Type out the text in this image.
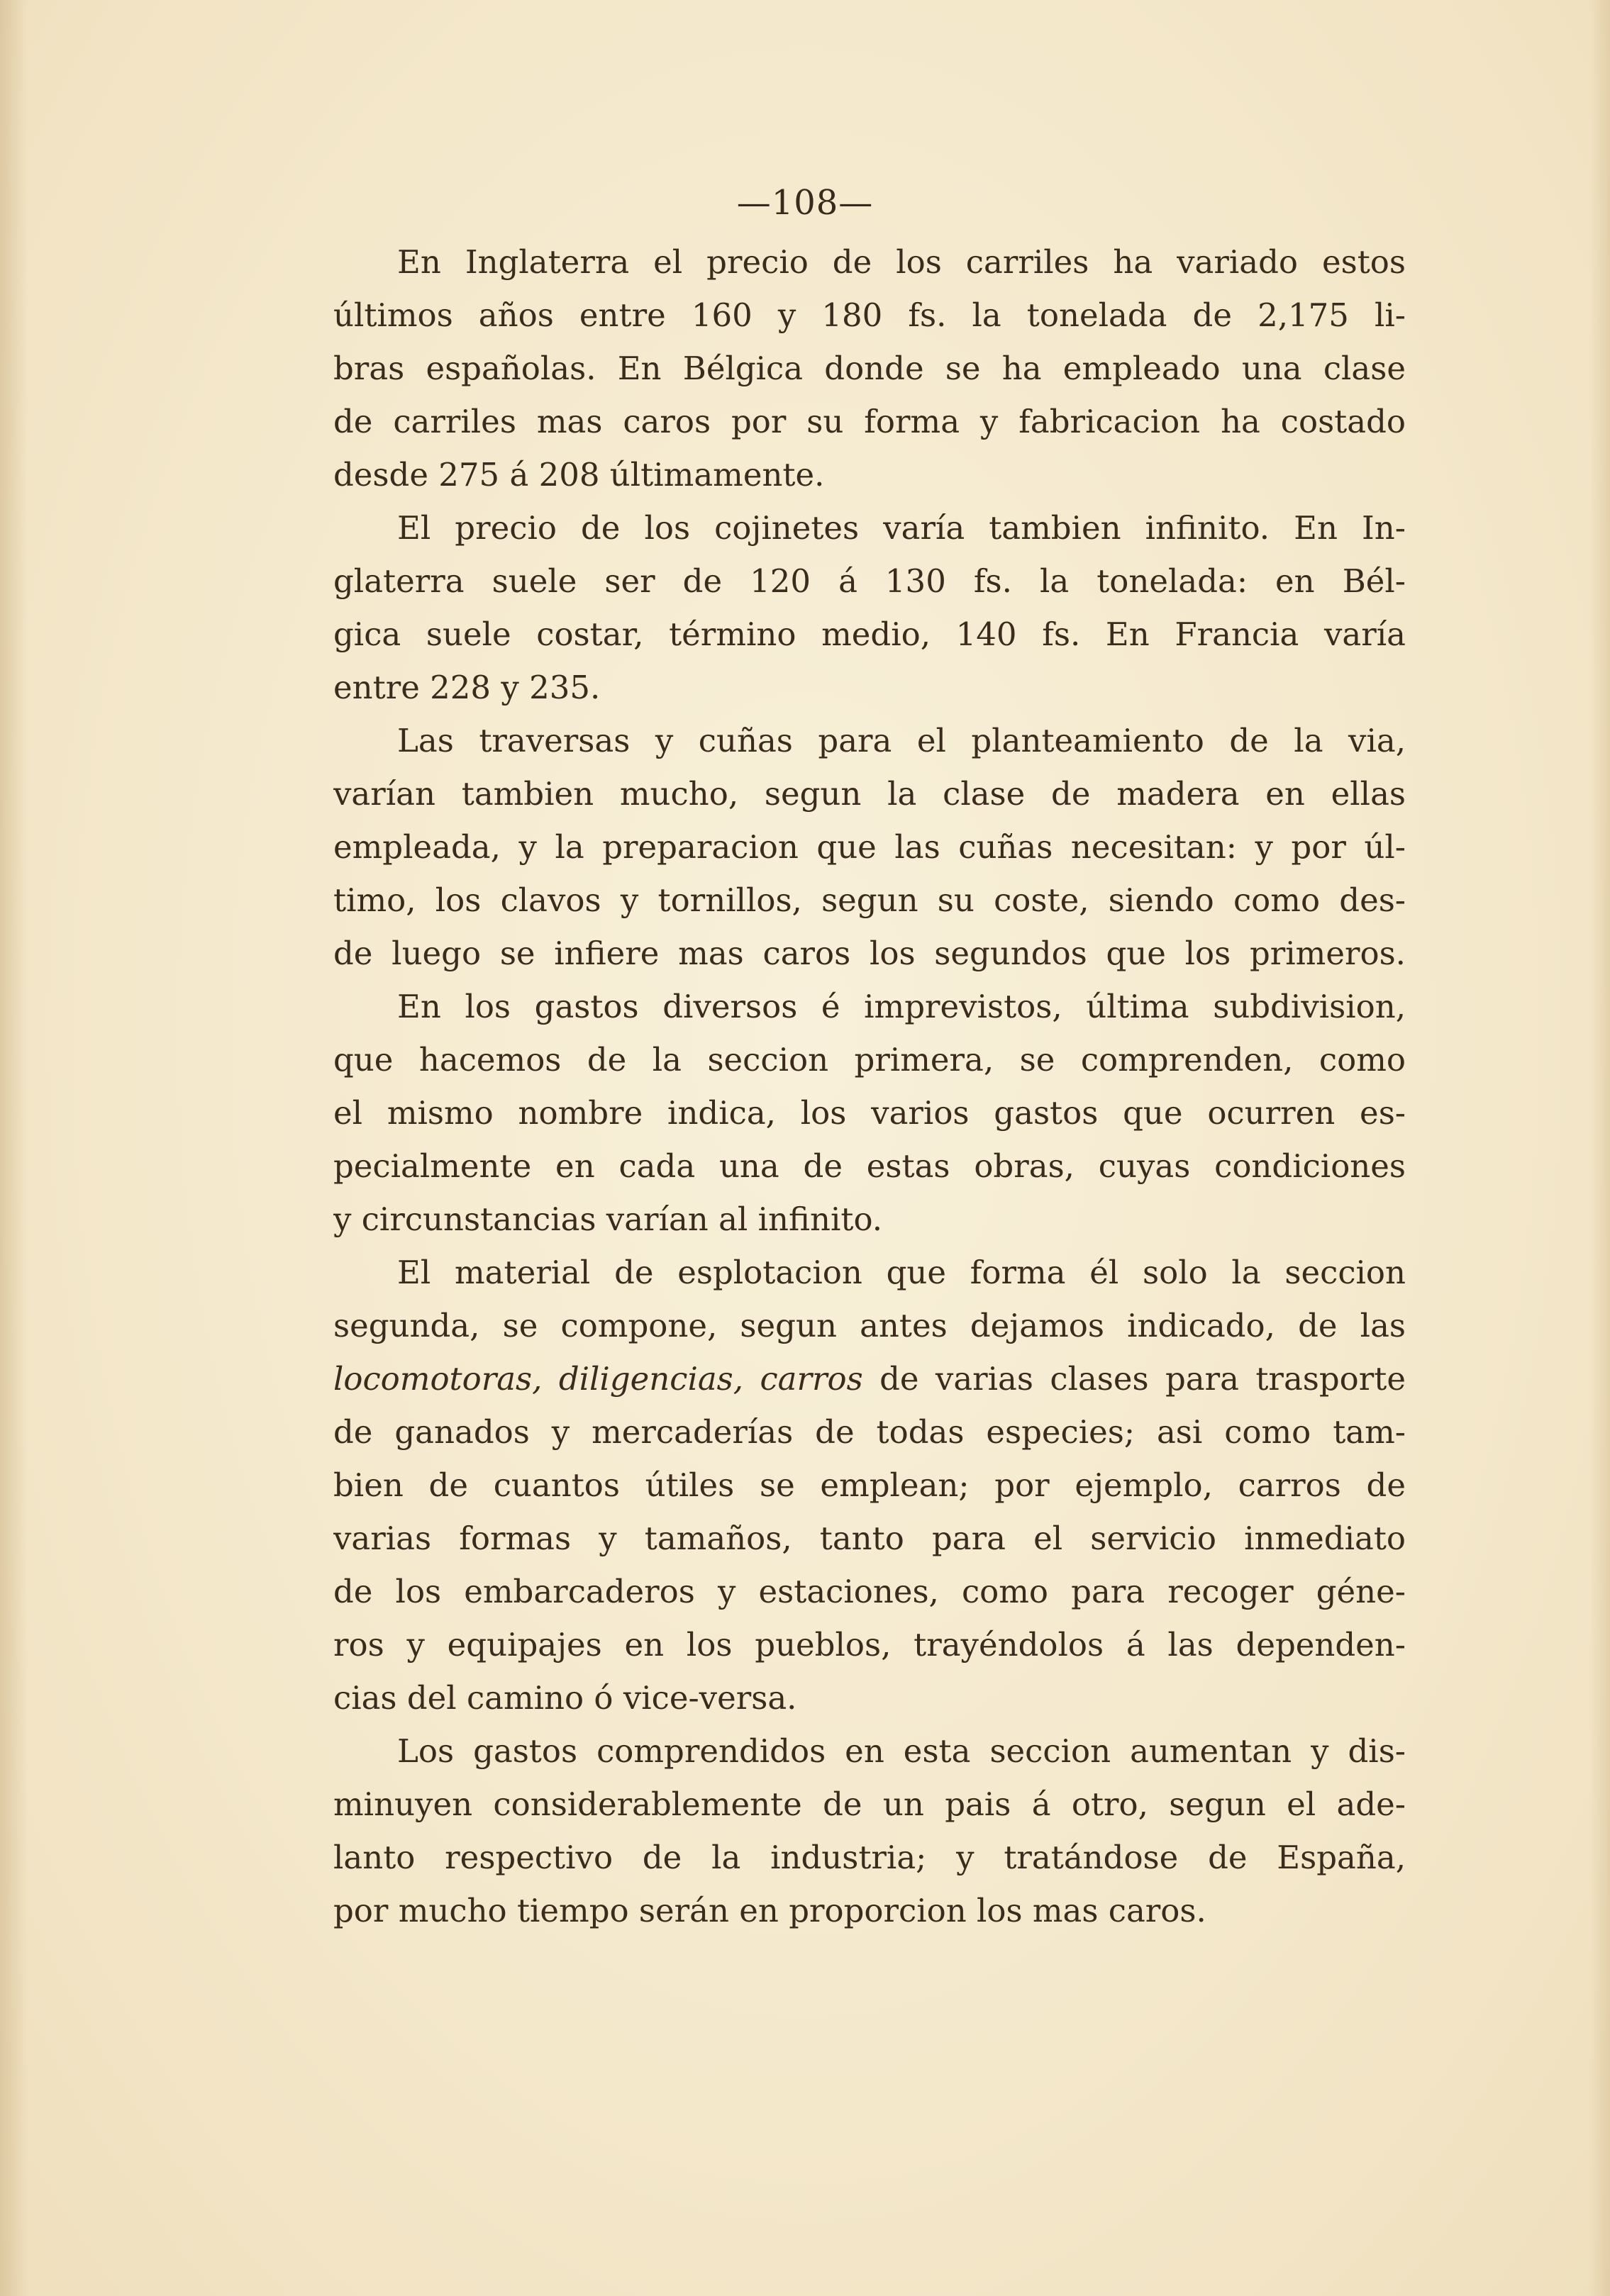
—108—
En Inglaterra el precio de los carriles ha variado estos
últimos años entre 160 y 180 fs. la tonelada de 2,175 li-
bras españolas. En Bélgica donde se ha empleado una clase
de carriles mas caros por su forma y fabricacion ha costado
desde 275 á 208 últimamente.
El precio de los cojinetes varía tambien infinito. En In-
glaterra suele ser de 120 á 130 fs. la tonelada: en Bél-
gica suele costar, término medio, 140 fs. En Francia varía
entre 228 y 235.
Las traversas y cuñas para el planteamiento de la via,
varían tambien mucho, segun la clase de madera en ellas
empleada, y la preparacion que las cuñas necesitan: y por úl-
timo, los clavos y tornillos, segun su coste, siendo como des-
de luego se infiere mas caros los segundos que los primeros.
En los gastos diversos é imprevistos, última subdivision,
que hacemos de la seccion primera, se comprenden, como
el mismo nombre indica, los varios gastos que ocurren es-
pecialmente en cada una de estas obras, cuyas condiciones
y circunstancias varían al infinito.
El material de esplotacion que forma él solo la seccion
segunda, se compone, segun antes dejamos indicado, de las
locomotoras, diligencias, carros de varias clases para trasporte
de ganados y mercaderías de todas especies; asi como tam-
bien de cuantos útiles se emplean; por ejemplo, carros de
varias formas y tamaños, tanto para el servicio inmediato
de los embarcaderos y estaciones, como para recoger géne-
ros y equipajes en los pueblos, trayéndolos á las dependen-
cias del camino ó vice-versa.
Los gastos comprendidos en esta seccion aumentan y dis-
minuyen considerablemente de un pais á otro, segun el ade-
lanto respectivo de la industria; y tratándose de España,
por mucho tiempo serán en proporcion los mas caros.
